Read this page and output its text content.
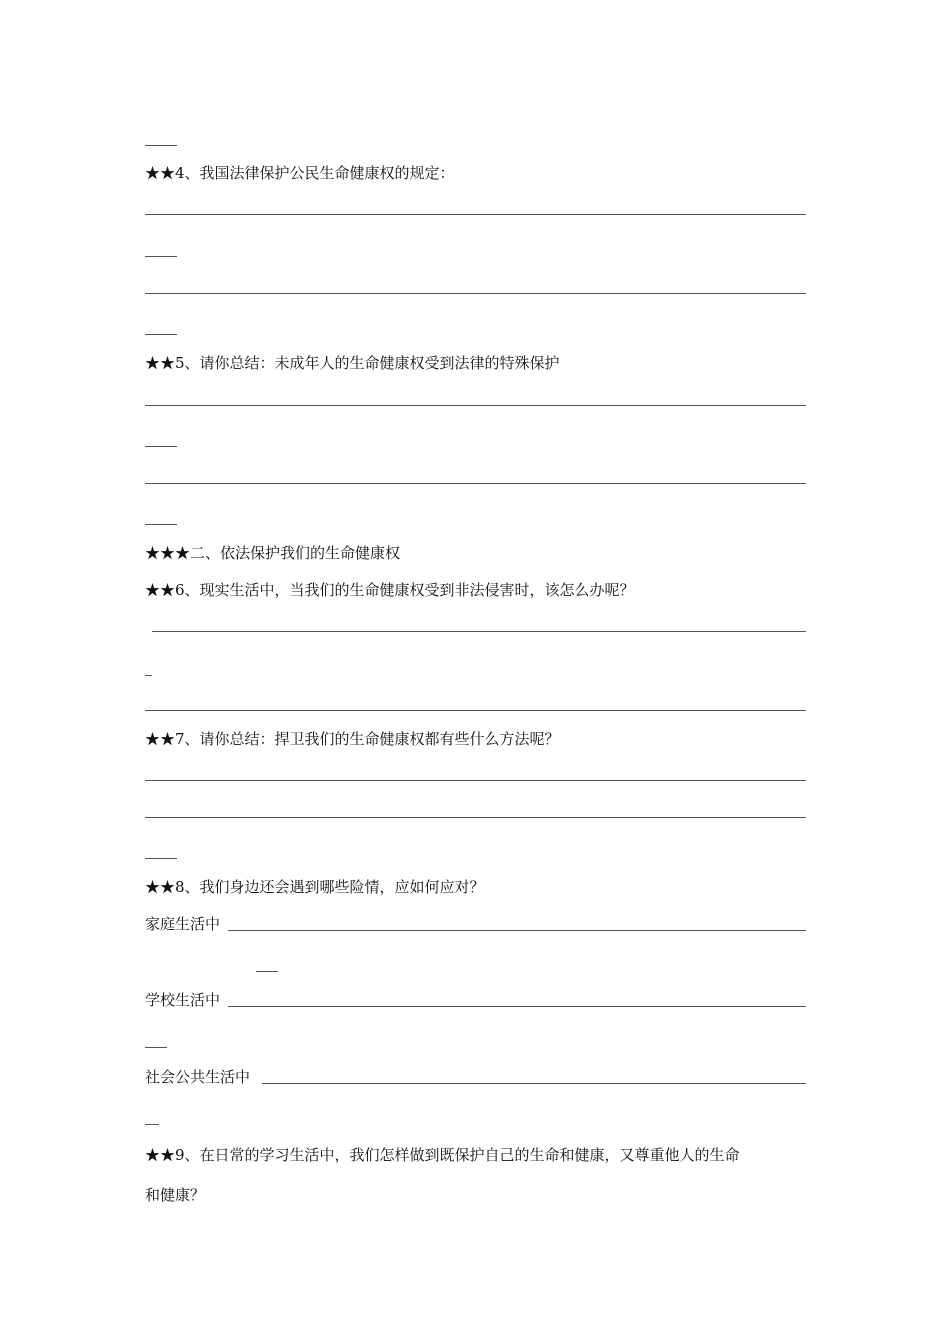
★★4、我国法律保护公民生命健康权的规定：
★★5、请你总结：未成年人的生命健康权受到法律的特殊保护
★★★二、依法保护我们的生命健康权
★★6、现实生活中，当我们的生命健康权受到非法侵害时，该怎么办呢？
★★7、请你总结：捍卫我们的生命健康权都有些什么方法呢？
★★8、我们身边还会遇到哪些险情，应如何应对？
家庭生活中
学校生活中
社会公共生活中
★★9、在日常的学习生活中，我们怎样做到既保护自己的生命和健康，又尊重他人的生命
和健康？
